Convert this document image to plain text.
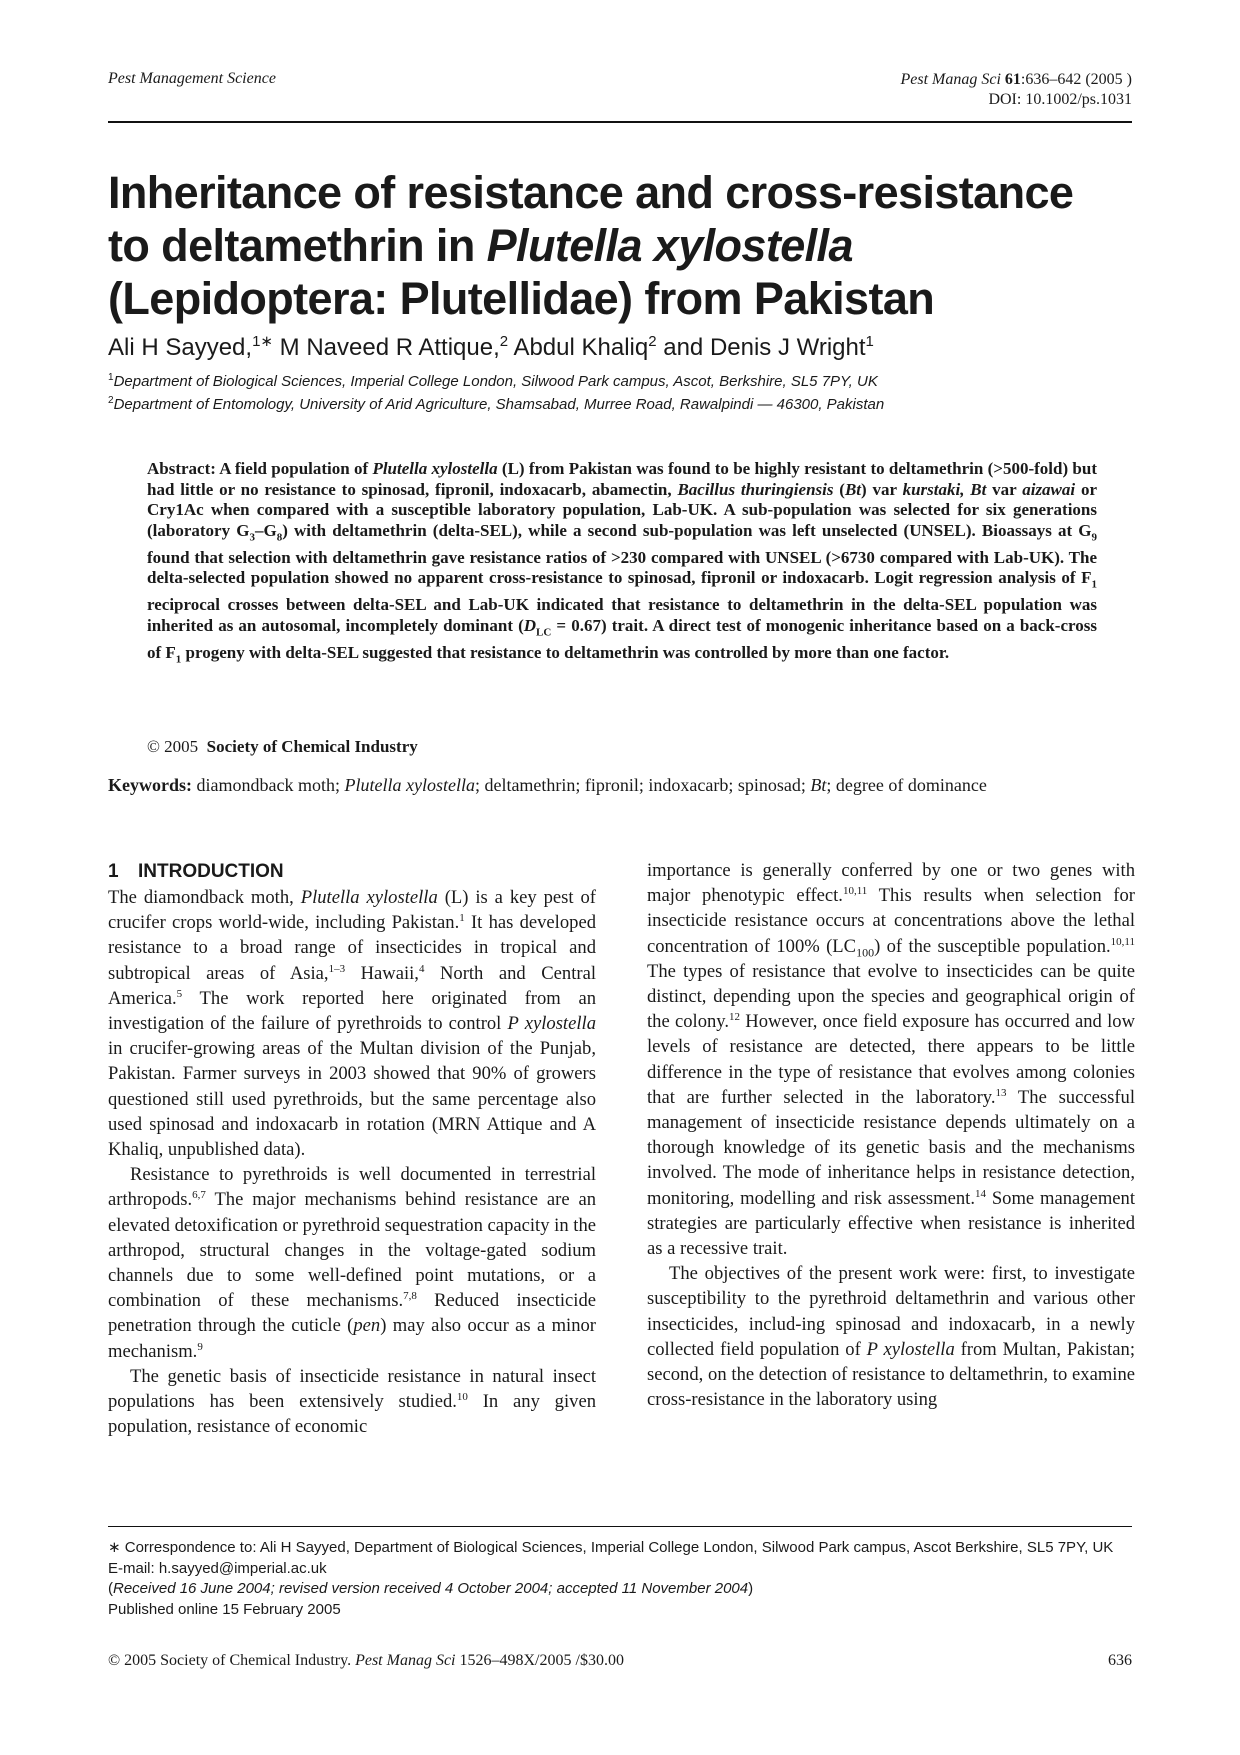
Pest Management Science	Pest Manag Sci 61:636–642 (2005 )
DOI: 10.1002/ps.1031
Inheritance of resistance and cross-resistance
to deltamethrin in Plutella xylostella
(Lepidoptera: Plutellidae) from Pakistan
Ali H Sayyed,$^{1∗}$ M Naveed R Attique,$^2$ Abdul Khaliq$^2$ and Denis J Wright$^1$
$^1$Department of Biological Sciences, Imperial College London, Silwood Park campus, Ascot, Berkshire, SL5 7PY, UK
$^2$Department of Entomology, University of Arid Agriculture, Shamsabad, Murree Road, Rawalpindi — 46300, Pakistan
Abstract: A field population of Plutella xylostella (L) from Pakistan was found to be highly resistant to deltamethrin (>500-fold) but had little or no resistance to spinosad, fipronil, indoxacarb, abamectin, Bacillus thuringiensis (Bt) var kurstaki, Bt var aizawai or Cry1Ac when compared with a susceptible laboratory population, Lab-UK. A sub-population was selected for six generations (laboratory $G_3-G_8$) with deltamethrin (delta-SEL), while a second sub-population was left unselected (UNSEL). Bioassays at $G_9$ found that selection with deltamethrin gave resistance ratios of >230 compared with UNSEL (>6730 compared with Lab-UK). The delta-selected population showed no apparent cross-resistance to spinosad, fipronil or indoxacarb. Logit regression analysis of $F_1$ reciprocal crosses between delta-SEL and Lab-UK indicated that resistance to deltamethrin in the delta-SEL population was inherited as an autosomal, incompletely dominant $(D_{LC} = 0.67)$ trait. A direct test of monogenic inheritance based on a back-cross of $F_1$ progeny with delta-SEL suggested that resistance to deltamethrin was controlled by more than one factor.
© 2005 Society of Chemical Industry
Keywords: diamondback moth; Plutella xylostella; deltamethrin; fipronil; indoxacarb; spinosad; Bt; degree of dominance
1 INTRODUCTION

The diamondback moth, Plutella xylostella (L) is a key pest of crucifer crops world-wide, including Pakistan.$^1$ It has developed resistance to a broad range of insecticides in tropical and subtropical areas of Asia,$^{1-3}$ Hawaii,$^4$ North and Central America.$^5$ The work reported here originated from an investigation of the failure of pyrethroids to control P xylostella in crucifer-growing areas of the Multan division of the Punjab, Pakistan. Farmer surveys in 2003 showed that 90% of growers questioned still used pyrethroids, but the same percentage also used spinosad and indoxacarb in rotation (MRN Attique and A Khaliq, unpublished data).

Resistance to pyrethroids is well documented in terrestrial arthropods.$^{6,7}$ The major mechanisms behind resistance are an elevated detoxification or pyrethroid sequestration capacity in the arthropod, structural changes in the voltage-gated sodium channels due to some well-defined point mutations, or a combination of these mechanisms.$^{7,8}$ Reduced insecticide penetration through the cuticle (pen) may also occur as a minor mechanism.$^9$

The genetic basis of insecticide resistance in natural insect populations has been extensively studied.$^{10}$ In any given population, resistance of economic

importance is generally conferred by one or two genes with major phenotypic effect.$^{10,11}$ This results when selection for insecticide resistance occurs at concentrations above the lethal concentration of 100% $(LC_{100})$ of the susceptible population.$^{10,11}$ The types of resistance that evolve to insecticides can be quite distinct, depending upon the species and geographical origin of the colony.$^{12}$ However, once field exposure has occurred and low levels of resistance are detected, there appears to be little difference in the type of resistance that evolves among colonies that are further selected in the laboratory.$^{13}$ The successful management of insecticide resistance depends ultimately on a thorough knowledge of its genetic basis and the mechanisms involved. The mode of inheritance helps in resistance detection, monitoring, modelling and risk assessment.$^{14}$ Some management strategies are particularly effective when resistance is inherited as a recessive trait.

The objectives of the present work were: first, to investigate susceptibility to the pyrethroid deltamethrin and various other insecticides, includ-ing spinosad and indoxacarb, in a newly collected field population of P xylostella from Multan, Pakistan; second, on the detection of resistance to deltamethrin, to examine cross-resistance in the laboratory using

∗ Correspondence to: Ali H Sayyed, Department of Biological Sciences, Imperial College London, Silwood Park campus, Ascot Berkshire, SL5 7PY, UK
E-mail: h.sayyed@imperial.ac.uk
(Received 16 June 2004; revised version received 4 October 2004; accepted 11 November 2004)
Published online 15 February 2005
© 2005 Society of Chemical Industry. Pest Manag Sci 1526–498X/2005 /$30.00	636
